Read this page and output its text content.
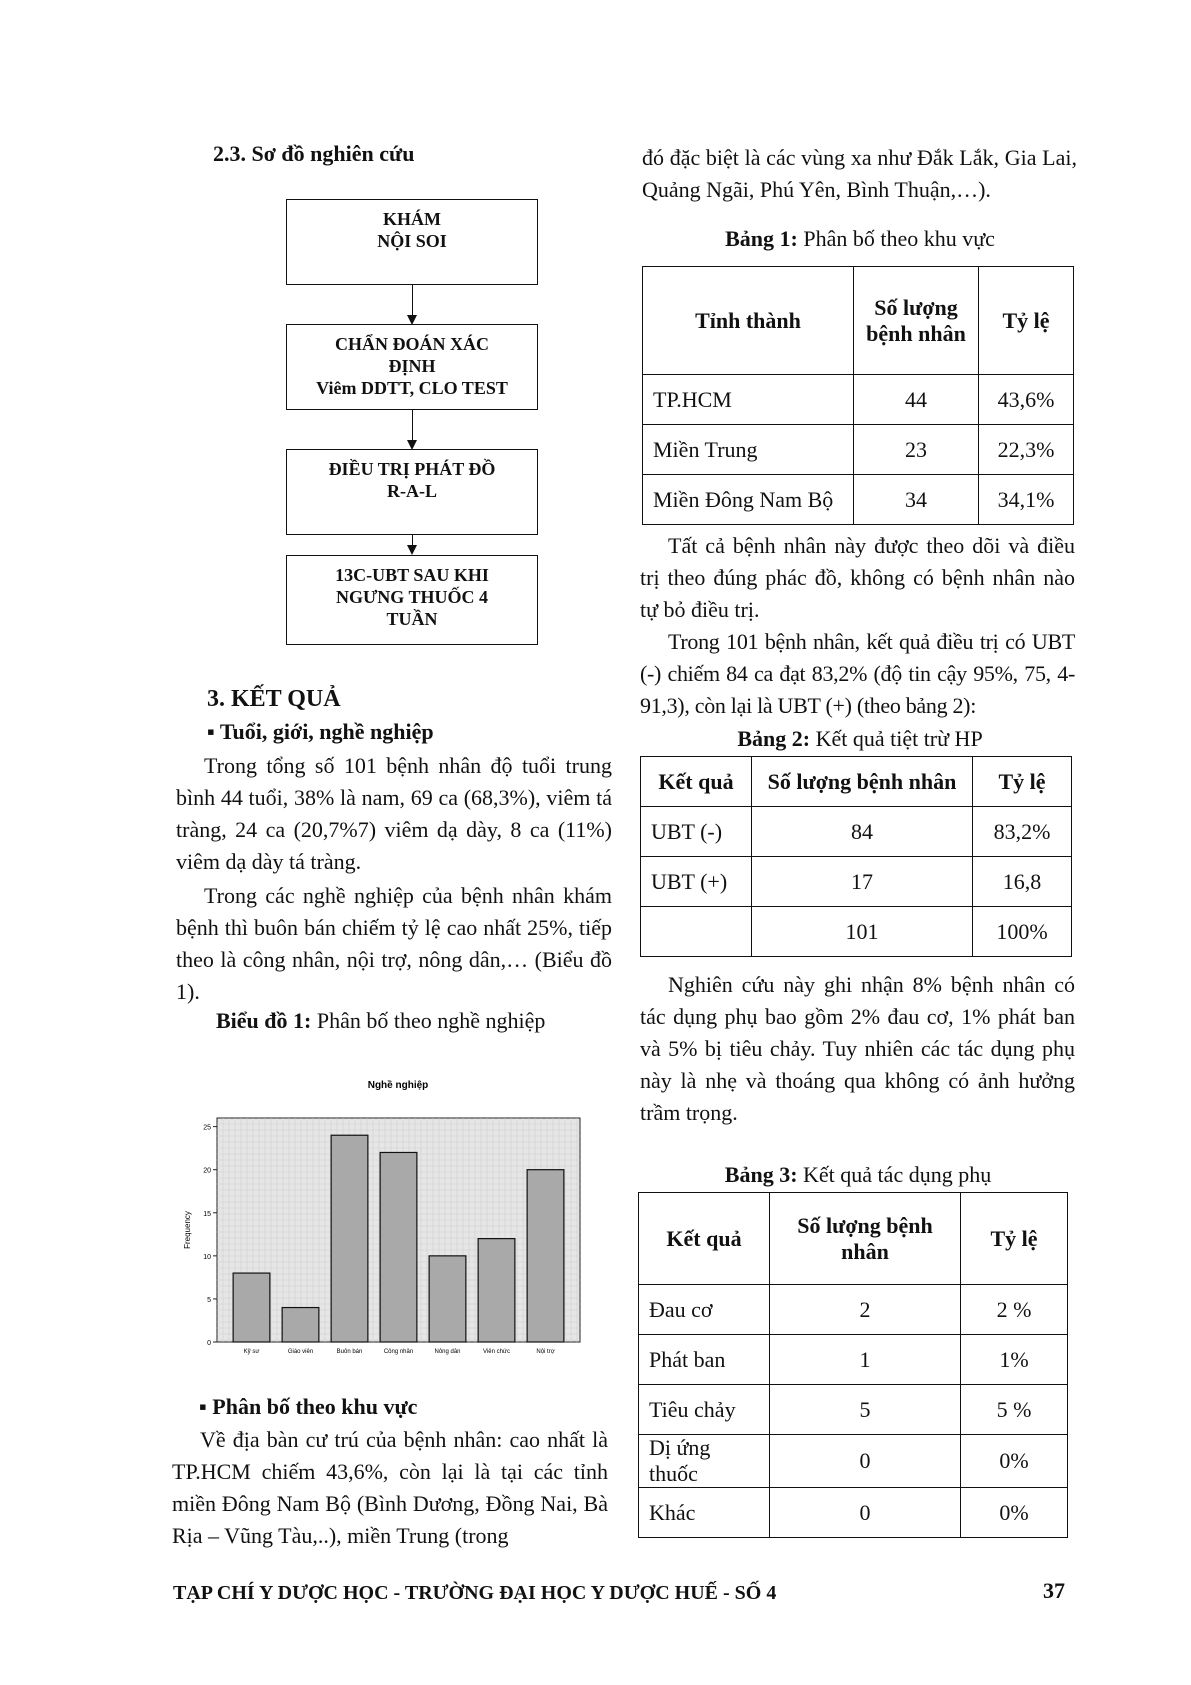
2.3. Sơ đồ nghiên cứu
KHÁM
NỘI SOI
CHẨN ĐOÁN XÁC
ĐỊNH
Viêm DDTT, CLO TEST
ĐIỀU TRỊ PHÁT ĐỒ
R-A-L
13C-UBT SAU KHI
NGƯNG THUỐC 4
TUẦN
3. KẾT QUẢ
▪ Tuổi, giới, nghề nghiệp

Trong tổng số 101 bệnh nhân độ tuổi trung bình 44 tuổi, 38% là nam, 69 ca (68,3%), viêm tá tràng, 24 ca (20,7%7) viêm dạ dày, 8 ca (11%) viêm dạ dày tá tràng.

Trong các nghề nghiệp của bệnh nhân khám bệnh thì buôn bán chiếm tỷ lệ cao nhất 25%, tiếp theo là công nhân, nội trợ, nông dân,… (Biểu đồ 1).

Biểu đồ 1: Phân bố theo nghề nghiệp
Nghề nghiệp
0
5
10
15
20
25
Frequency
Kỹ sư	Giáo viên	Buôn bán	Công nhân	Nông dân	Viên chức	Nội trợ
▪ Phân bố theo khu vực

Về địa bàn cư trú của bệnh nhân: cao nhất là TP.HCM chiếm 43,6%, còn lại là tại các tỉnh miền Đông Nam Bộ (Bình Dương, Đồng Nai, Bà Rịa – Vũng Tàu,..), miền Trung (trong

đó đặc biệt là các vùng xa như Đắk Lắk, Gia Lai, Quảng Ngãi, Phú Yên, Bình Thuận,…).

Bảng 1: Phân bố theo khu vực
Tỉnh thành	Số lượng bệnh nhân	Tỷ lệ
TP.HCM	44	43,6%
Miền Trung	23	22,3%
Miền Đông Nam Bộ	34	34,1%

Tất cả bệnh nhân này được theo dõi và điều trị theo đúng phác đồ, không có bệnh nhân nào tự bỏ điều trị.

Trong 101 bệnh nhân, kết quả điều trị có UBT (-) chiếm 84 ca đạt 83,2% (độ tin cậy 95%, 75, 4-91,3), còn lại là UBT (+) (theo bảng 2):

Bảng 2: Kết quả tiệt trừ HP
Kết quả	Số lượng bệnh nhân	Tỷ lệ
UBT (-)	84	83,2%
UBT (+)	17	16,8
	101	100%

Nghiên cứu này ghi nhận 8% bệnh nhân có tác dụng phụ bao gồm 2% đau cơ, 1% phát ban và 5% bị tiêu chảy. Tuy nhiên các tác dụng phụ này là nhẹ và thoáng qua không có ảnh hưởng trầm trọng.

Bảng 3: Kết quả tác dụng phụ
Kết quả	Số lượng bệnh nhân	Tỷ lệ
Đau cơ	2	2 %
Phát ban	1	1%
Tiêu chảy	5	5 %
Dị ứng thuốc	0	0%
Khác	0	0%
TẠP CHÍ Y DƯỢC HỌC - TRƯỜNG ĐẠI HỌC Y DƯỢC HUẾ - SỐ 4	37
